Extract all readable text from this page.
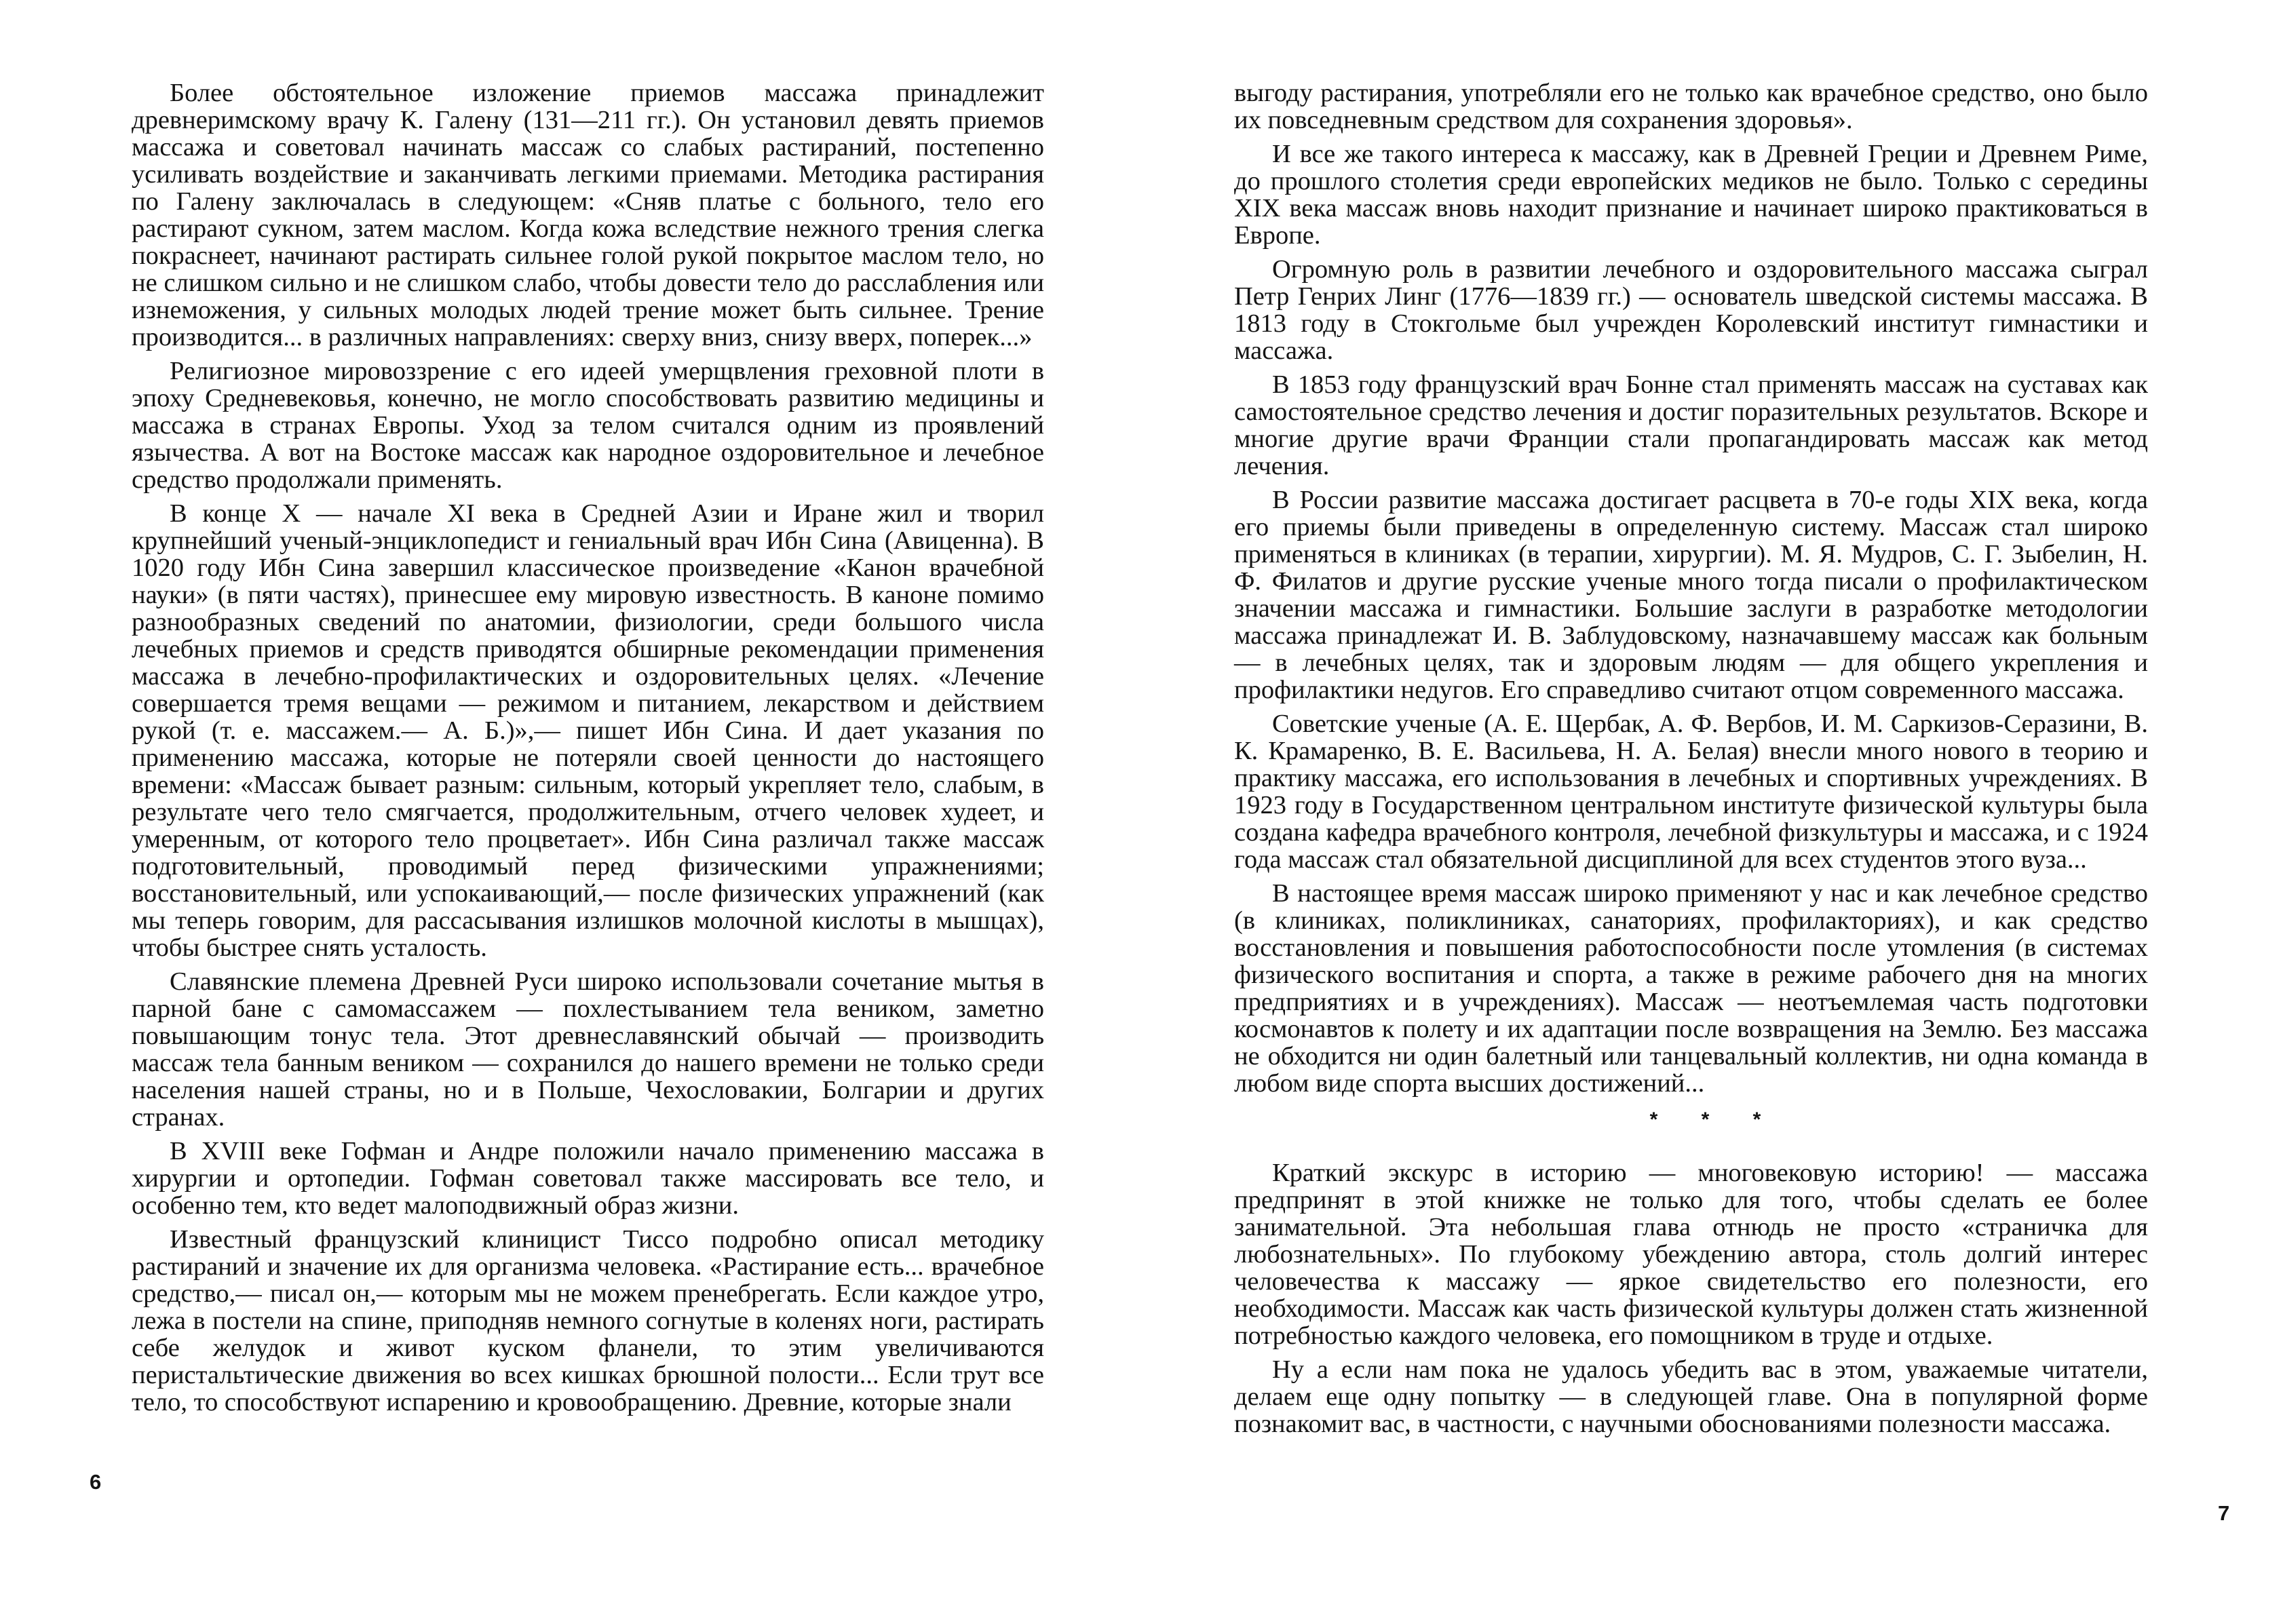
Более обстоятельное изложение приемов массажа принадлежит древнеримскому врачу К. Галену (131—211 гг.). Он установил девять приемов массажа и советовал начинать массаж со слабых растираний, постепенно усиливать воздействие и заканчивать легкими приемами. Методика растирания по Галену заключалась в следующем: «Сняв платье с больного, тело его растирают сукном, затем маслом. Когда кожа вследствие нежного трения слегка покраснеет, начинают растирать сильнее голой рукой покрытое маслом тело, но не слишком сильно и не слишком слабо, чтобы довести тело до расслабления или изнеможения, у сильных молодых людей трение может быть сильнее. Трение производится... в различных направлениях: сверху вниз, снизу вверх, поперек...»

Религиозное мировоззрение с его идеей умерщвления греховной плоти в эпоху Средневековья, конечно, не могло способствовать развитию медицины и массажа в странах Европы. Уход за телом считался одним из проявлений язычества. А вот на Востоке массаж как народное оздоровительное и лечебное средство продолжали применять.

В конце X — начале XI века в Средней Азии и Иране жил и творил крупнейший ученый-энциклопедист и гениальный врач Ибн Сина (Авиценна). В 1020 году Ибн Сина завершил классическое произведение «Канон врачебной науки» (в пяти частях), принесшее ему мировую известность. В каноне помимо разнообразных сведений по анатомии, физиологии, среди большого числа лечебных приемов и средств приводятся обширные рекомендации применения массажа в лечебно-профилактических и оздоровительных целях. «Лечение совершается тремя вещами — режимом и питанием, лекарством и действием рукой (т. е. массажем.— А. Б.)»,— пишет Ибн Сина. И дает указания по применению массажа, которые не потеряли своей ценности до настоящего времени: «Массаж бывает разным: сильным, который укрепляет тело, слабым, в результате чего тело смягчается, продолжительным, отчего человек худеет, и умеренным, от которого тело процветает». Ибн Сина различал также массаж подготовительный, проводимый перед физическими упражнениями; восстановительный, или успокаивающий,— после физических упражнений (как мы теперь говорим, для рассасывания излишков молочной кислоты в мышцах), чтобы быстрее снять усталость.

Славянские племена Древней Руси широко использовали сочетание мытья в парной бане с самомассажем — похлестыванием тела веником, заметно повышающим тонус тела. Этот древнеславянский обычай — производить массаж тела банным веником — сохранился до нашего времени не только среди населения нашей страны, но и в Польше, Чехословакии, Болгарии и других странах.

В XVIII веке Гофман и Андре положили начало применению массажа в хирургии и ортопедии. Гофман советовал также массировать все тело, и особенно тем, кто ведет малоподвижный образ жизни.

Известный французский клиницист Тиссо подробно описал методику растираний и значение их для организма человека. «Растирание есть... врачебное средство,— писал он,— которым мы не можем пренебрегать. Если каждое утро, лежа в постели на спине, приподняв немного согнутые в коленях ноги, растирать себе желудок и живот куском фланели, то этим увеличиваются перистальтические движения во всех кишках брюшной полости... Если трут все тело, то способствуют испарению и кровообращению. Древние, которые знали

6

выгоду растирания, употребляли его не только как врачебное средство, оно было их повседневным средством для сохранения здоровья».

И все же такого интереса к массажу, как в Древней Греции и Древнем Риме, до прошлого столетия среди европейских медиков не было. Только с середины XIX века массаж вновь находит признание и начинает широко практиковаться в Европе.

Огромную роль в развитии лечебного и оздоровительного массажа сыграл Петр Генрих Линг (1776—1839 гг.) — основатель шведской системы массажа. В 1813 году в Стокгольме был учрежден Королевский институт гимнастики и массажа.

В 1853 году французский врач Бонне стал применять массаж на суставах как самостоятельное средство лечения и достиг поразительных результатов. Вскоре и многие другие врачи Франции стали пропагандировать массаж как метод лечения.

В России развитие массажа достигает расцвета в 70-е годы XIX века, когда его приемы были приведены в определенную систему. Массаж стал широко применяться в клиниках (в терапии, хирургии). М. Я. Мудров, С. Г. Зыбелин, Н. Ф. Филатов и другие русские ученые много тогда писали о профилактическом значении массажа и гимнастики. Большие заслуги в разработке методологии массажа принадлежат И. В. Заблудовскому, назначавшему массаж как больным — в лечебных целях, так и здоровым людям — для общего укрепления и профилактики недугов. Его справедливо считают отцом современного массажа.

Советские ученые (А. Е. Щербак, А. Ф. Вербов, И. М. Саркизов-Серазини, В. К. Крамаренко, В. Е. Васильева, Н. А. Белая) внесли много нового в теорию и практику массажа, его использования в лечебных и спортивных учреждениях. В 1923 году в Государственном центральном институте физической культуры была создана кафедра врачебного контроля, лечебной физкультуры и массажа, и с 1924 года массаж стал обязательной дисциплиной для всех студентов этого вуза...

В настоящее время массаж широко применяют у нас и как лечебное средство (в клиниках, поликлиниках, санаториях, профилакториях), и как средство восстановления и повышения работоспособности после утомления (в системах физического воспитания и спорта, а также в режиме рабочего дня на многих предприятиях и в учреждениях). Массаж — неотъемлемая часть подготовки космонавтов к полету и их адаптации после возвращения на Землю. Без массажа не обходится ни один балетный или танцевальный коллектив, ни одна команда в любом виде спорта высших достижений...

* * *

Краткий экскурс в историю — многовековую историю! — массажа предпринят в этой книжке не только для того, чтобы сделать ее более занимательной. Эта небольшая глава отнюдь не просто «страничка для любознательных». По глубокому убеждению автора, столь долгий интерес человечества к массажу — яркое свидетельство его полезности, его необходимости. Массаж как часть физической культуры должен стать жизненной потребностью каждого человека, его помощником в труде и отдыхе.

Ну а если нам пока не удалось убедить вас в этом, уважаемые читатели, делаем еще одну попытку — в следующей главе. Она в популярной форме познакомит вас, в частности, с научными обоснованиями полезности массажа.

7
